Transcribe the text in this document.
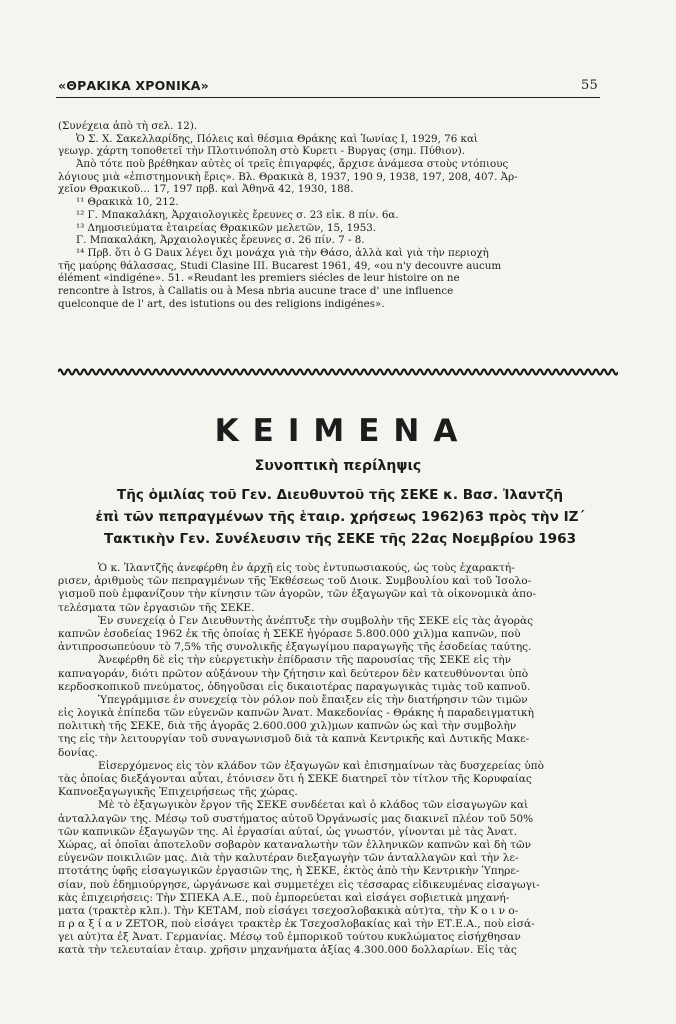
«ΘΡΑΚΙΚΑ ΧΡΟΝΙΚΑ»	55
(Συνέχεια ἀπὸ τὴ σελ. 12).
Ὁ Σ. Χ. Σακελλαρίδης, Πόλεις καὶ θέσμια Θράκης καὶ Ἰωνίας Ι, 1929, 76 καὶ
γεωγρ. χάρτη τοποθετεῖ τὴν Πλοτινόπολη στὸ Κυρετι - Βυργας (σημ. Πύθιον).
Ἀπὸ τότε ποὺ βρέθηκαν αὐτὲς οἱ τρεῖς ἐπιγαρφές, ἄρχισε ἀνάμεσα στοὺς ντόπιους
λόγιους μιὰ «ἐπιστημονικὴ ἔρις». Βλ. Θρακικὰ 8, 1937, 190 9, 1938, 197, 208, 407. Ἀρ-
χεῖον Θρακικοῦ... 17, 197 πρβ. καὶ Ἀθηνᾶ 42, 1930, 188.
¹¹ Θρακικὰ 10, 212.
¹² Γ. Μπακαλάκη, Ἀρχαιολογικὲς ἔρευνες σ. 23 εἰκ. 8 πίν. 6α.
¹³ Δημοσιεύματα ἑταιρείας Θρακικῶν μελετῶν, 15, 1953.
Γ. Μπακαλάκη, Ἀρχαιολογικὲς ἔρευνες σ. 26 πίν. 7 - 8.
¹⁴ Πρβ. ὅτι ὁ G Daux λέγει ὄχι μονάχα γιὰ τὴν Θάσο, ἀλλὰ καὶ γιὰ τὴν περιοχὴ
τῆς μαύρης θάλασσας, Studi Clasine III. Bucarest 1961, 49, «ou n'y decouvre aucum
élément «indigéne». 51. «Reudant les premiers siécles de leur histoire on ne
rencontre à Istros, à Callatis ou à Mesa nbria aucune trace d' une influence
quelconque de l' art, des istutions ou des religions indigénes».
ΚΕΙΜΕΝΑ
Συνοπτικὴ περίληψις
Τῆς ὁμιλίας τοῦ Γεν. Διευθυντοῦ τῆς ΣΕΚΕ κ. Βασ. Ἰλαντζῆ
ἐπὶ τῶν πεπραγμένων τῆς ἑταιρ. χρήσεως 1962)63 πρὸς τὴν ΙΖ΄
Τακτικὴν Γεν. Συνέλευσιν τῆς ΣΕΚΕ τῆς 22ας Νοεμβρίου 1963
Ὁ κ. Ἰλαντζῆς ἀνεφέρθη ἐν ἀρχῇ εἰς τοὺς ἐντυπωσιακούς, ὡς τοὺς ἐχαρακτή-
ρισεν, ἀριθμοὺς τῶν πεπραγμένων τῆς Ἐκθέσεως τοῦ Διοικ. Συμβουλίου καὶ τοῦ Ἰσολο-
γισμοῦ ποὺ ἐμφανίζουν τὴν κίνησιν τῶν ἀγορῶν, τῶν ἐξαγωγῶν καὶ τὰ οἰκονομικὰ ἀπο-
τελέσματα τῶν ἐργασιῶν τῆς ΣΕΚΕ.
Ἐν συνεχείᾳ ὁ Γεν Διευθυντὴς ἀνέπτυξε τὴν συμβολὴν τῆς ΣΕΚΕ εἰς τὰς ἀγορὰς
καπνῶν ἐσοδείας 1962 ἐκ τῆς ὁποίας ἡ ΣΕΚΕ ἠγόρασε 5.800.000 χιλ)μα καπνῶν, ποὺ
ἀντιπροσωπεύουν τὸ 7,5% τῆς συνολικῆς ἐξαγωγίμου παραγωγῆς τῆς ἐσοδείας ταύτης.
Ἀνεφέρθη δὲ εἰς τὴν εὐεργετικὴν ἐπίδρασιν τῆς παρουσίας τῆς ΣΕΚΕ εἰς τὴν
καπναγοράν, διότι πρῶτον αὐξάνουν τὴν ζήτησιν καὶ δεύτερον δὲν κατευθύνονται ὑπὸ
κερδοσκοπικοῦ πνεύματος, ὁδηγοῦσαι εἰς δικαιοτέρας παραγωγικὰς τιμὰς τοῦ καπνοῦ.
Ὑπεγράμμισε ἐν συνεχείᾳ τὸν ρόλον ποὺ ἔπαιξεν εἰς τὴν διατήρησιν τῶν τιμῶν
εἰς λογικὰ ἐπίπεδα τῶν εὐγενῶν καπνῶν Ἀνατ. Μακεδονίας - Θράκης ἡ παραδειγματικὴ
πολιτικὴ τῆς ΣΕΚΕ, διὰ τῆς ἀγορᾶς 2.600.000 χιλ)μων καπνῶν ὡς καὶ τὴν συμβολὴν
της εἰς τὴν λειτουργίαν τοῦ συναγωνισμοῦ διὰ τὰ καπνὰ Κεντρικῆς καὶ Δυτικῆς Μακε-
δονίας.
Εἰσερχόμενος εἰς τὸν κλάδον τῶν ἐξαγωγῶν καὶ ἐπισημαίνων τὰς δυσχερείας ὑπὸ
τὰς ὁποίας διεξάγονται αὗται, ἐτόνισεν ὅτι ἡ ΣΕΚΕ διατηρεῖ τὸν τίτλον τῆς Κορυφαίας
Καπνοεξαγωγικῆς Ἐπιχειρήσεως τῆς χώρας.
Μὲ τὸ ἐξαγωγικὸν ἔργον τῆς ΣΕΚΕ συνδέεται καὶ ὁ κλάδος τῶν εἰσαγωγῶν καὶ
ἀνταλλαγῶν της. Μέσῳ τοῦ συστήματος αὐτοῦ Ὀργάνωσίς μας διακινεῖ πλέον τοῦ 50%
τῶν καπνικῶν ἐξαγωγῶν της. Αἱ ἐργασίαι αὐταί, ὡς γνωστόν, γίνονται μὲ τὰς Ἀνατ.
Χώρας, αἱ ὁποῖαι ἀποτελοῦν σοβαρὸν καταναλωτὴν τῶν ἑλληνικῶν καπνῶν καὶ δὴ τῶν
εὐγενῶν ποικιλιῶν μας. Διὰ τὴν καλυτέραν διεξαγωγὴν τῶν ἀνταλλαγῶν καὶ τὴν λε-
πτοτάτης ὑφῆς εἰσαγωγικῶν ἐργασιῶν της, ἡ ΣΕΚΕ, ἐκτὸς ἀπὸ τὴν Κεντρικὴν Ὑπηρε-
σίαν, ποὺ ἐδημιούργησε, ὠργάνωσε καὶ συμμετέχει εἰς τέσσαρας εἰδικευμένας εἰσαγωγι-
κὰς ἐπιχειρήσεις: Τὴν ΣΠΕΚΑ Α.Ε., ποὺ ἐμπορεύεται καὶ εἰσάγει σοβιετικὰ μηχανή-
ματα (τρακτὲρ κλπ.). Τὴν ΚΕΤΑΜ, ποὺ εἰσάγει τσεχοσλοβακικὰ αὐτ)τα, τὴν Κ ο ι ν ο-
π ρ α ξ ί α ν ZETOR, ποὺ εἰσάγει τρακτὲρ ἐκ Τσεχοσλοβακίας καὶ τὴν ΕΤ.Ε.Α., ποὺ εἰσά-
γει αὐτ)τα ἐξ Ἀνατ. Γερμανίας. Μέσῳ τοῦ ἐμπορικοῦ τούτου κυκλώματος εἰσήχθησαν
κατὰ τὴν τελευταίαν ἑταιρ. χρῆσιν μηχανήματα ἀξίας 4.300.000 δολλαρίων. Εἰς τὰς
